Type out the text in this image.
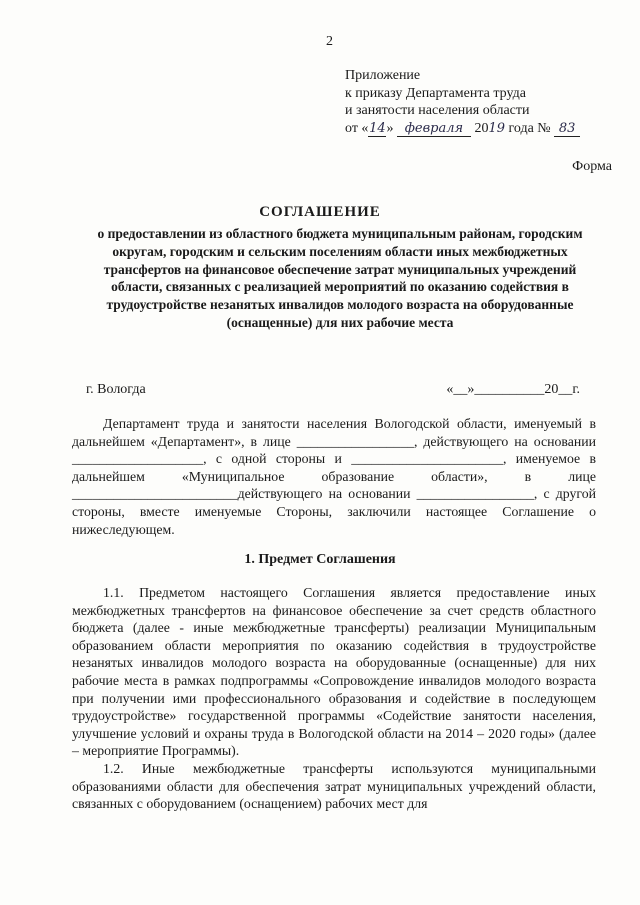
2
Приложение
к приказу Департамента труда
и занятости населения области
от «14» февраля 2019 года № 83
Форма
СОГЛАШЕНИЕ
о предоставлении из областного бюджета муниципальным районам, городским округам, городским и сельским поселениям области иных межбюджетных трансфертов на финансовое обеспечение затрат муниципальных учреждений области, связанных с реализацией мероприятий по оказанию содействия в трудоустройстве незанятых инвалидов молодого возраста на оборудованные (оснащенные) для них рабочие места
г. Вологда	«__»__________20__г.

Департамент труда и занятости населения Вологодской области, именуемый в дальнейшем «Департамент», в лице _________________, действующего на основании ___________________, с одной стороны и ______________________, именуемое в дальнейшем «Муниципальное образование области», в лице ________________________действующего на основании _________________, с другой стороны, вместе именуемые Стороны, заключили настоящее Соглашение о нижеследующем.

1. Предмет Соглашения

1.1. Предметом настоящего Соглашения является предоставление иных межбюджетных трансфертов на финансовое обеспечение за счет средств областного бюджета (далее - иные межбюджетные трансферты) реализации Муниципальным образованием области мероприятия по оказанию содействия в трудоустройстве незанятых инвалидов молодого возраста на оборудованные (оснащенные) для них рабочие места в рамках подпрограммы «Сопровождение инвалидов молодого возраста при получении ими профессионального образования и содействие в последующем трудоустройстве» государственной программы «Содействие занятости населения, улучшение условий и охраны труда в Вологодской области на 2014 – 2020 годы» (далее – мероприятие Программы).

1.2. Иные межбюджетные трансферты используются муниципальными образованиями области для обеспечения затрат муниципальных учреждений области, связанных с оборудованием (оснащением) рабочих мест для
